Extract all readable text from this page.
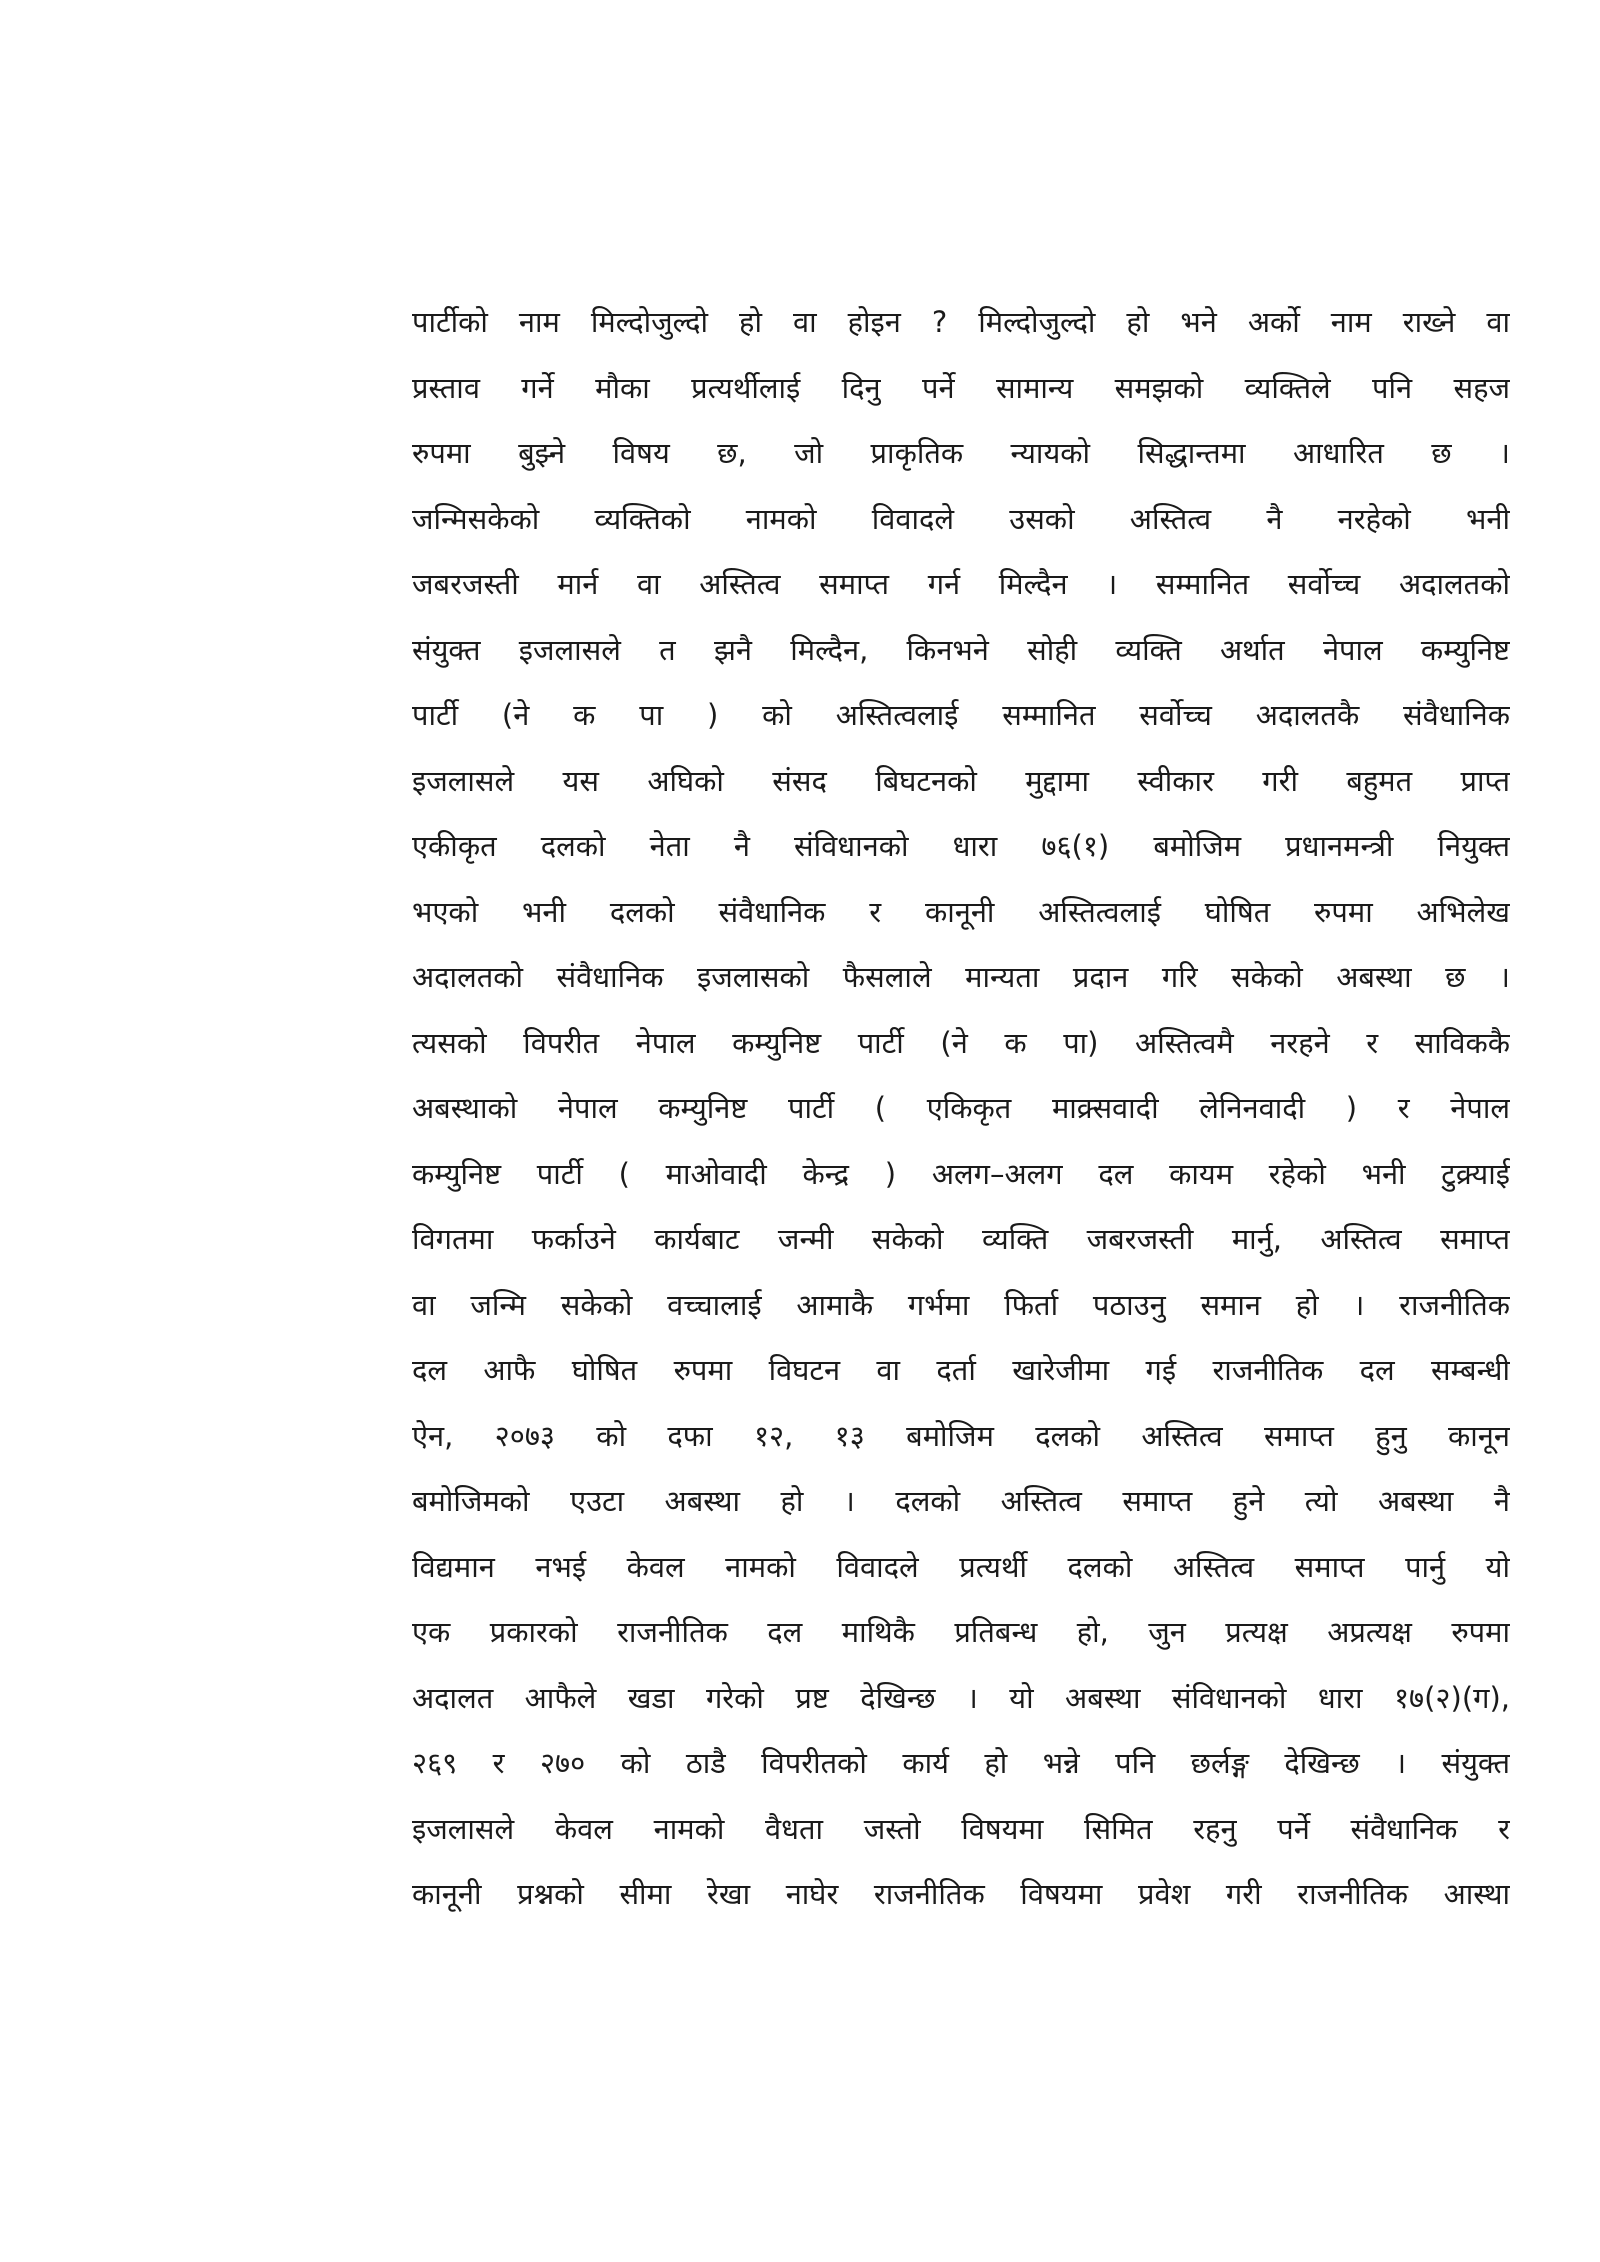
पार्टीको नाम मिल्दोजुल्दो हो वा होइन ? मिल्दोजुल्दो हो भने अर्को नाम राख्ने वा
प्रस्ताव गर्ने मौका प्रत्यर्थीलाई दिनु पर्ने सामान्य समझको व्यक्तिले पनि सहज
रुपमा बुझ्ने विषय छ, जो प्राकृतिक न्यायको सिद्धान्तमा आधारित छ ।
जन्मिसकेको व्यक्तिको नामको विवादले उसको अस्तित्व नै नरहेको भनी
जबरजस्ती मार्न वा अस्तित्व समाप्त गर्न मिल्दैन । सम्मानित सर्वोच्च अदालतको
संयुक्त इजलासले त झनै मिल्दैन, किनभने सोही व्यक्ति अर्थात नेपाल कम्युनिष्ट
पार्टी (ने क पा ) को अस्तित्वलाई सम्मानित सर्वोच्च अदालतकै संवैधानिक
इजलासले यस अघिको संसद बिघटनको मुद्दामा स्वीकार गरी बहुमत प्राप्त
एकीकृत दलको नेता नै संविधानको धारा ७६(१) बमोजिम प्रधानमन्त्री नियुक्त
भएको भनी दलको संवैधानिक र कानूनी अस्तित्वलाई घोषित रुपमा अभिलेख
अदालतको संवैधानिक इजलासको फैसलाले मान्यता प्रदान गरि सकेको अबस्था छ ।
त्यसको विपरीत नेपाल कम्युनिष्ट पार्टी (ने क पा) अस्तित्वमै नरहने र साविककै
अबस्थाको नेपाल कम्युनिष्ट पार्टी ( एकिकृत माक्र्सवादी लेनिनवादी ) र नेपाल
कम्युनिष्ट पार्टी ( माओवादी केन्द्र ) अलग–अलग दल कायम रहेको भनी टुक्र्याई
विगतमा फर्काउने कार्यबाट जन्मी सकेको व्यक्ति जबरजस्ती मार्नु, अस्तित्व समाप्त
वा जन्मि सकेको वच्चालाई आमाकै गर्भमा फिर्ता पठाउनु समान हो । राजनीतिक
दल आफै घोषित रुपमा विघटन वा दर्ता खारेजीमा गई राजनीतिक दल सम्बन्धी
ऐन, २०७३ को दफा १२, १३ बमोजिम दलको अस्तित्व समाप्त हुनु कानून
बमोजिमको एउटा अबस्था हो । दलको अस्तित्व समाप्त हुने त्यो अबस्था नै
विद्यमान नभई केवल नामको विवादले प्रत्यर्थी दलको अस्तित्व समाप्त पार्नु यो
एक प्रकारको राजनीतिक दल माथिकै प्रतिबन्ध हो, जुन प्रत्यक्ष अप्रत्यक्ष रुपमा
अदालत आफैले खडा गरेको प्रष्ट देखिन्छ । यो अबस्था संविधानको धारा १७(२)(ग),
२६९ र २७० को ठाडै विपरीतको कार्य हो भन्ने पनि छर्लङ्ग देखिन्छ । संयुक्त
इजलासले केवल नामको वैधता जस्तो विषयमा सिमित रहनु पर्ने संवैधानिक र
कानूनी प्रश्नको सीमा रेखा नाघेर राजनीतिक विषयमा प्रवेश गरी राजनीतिक आस्था
